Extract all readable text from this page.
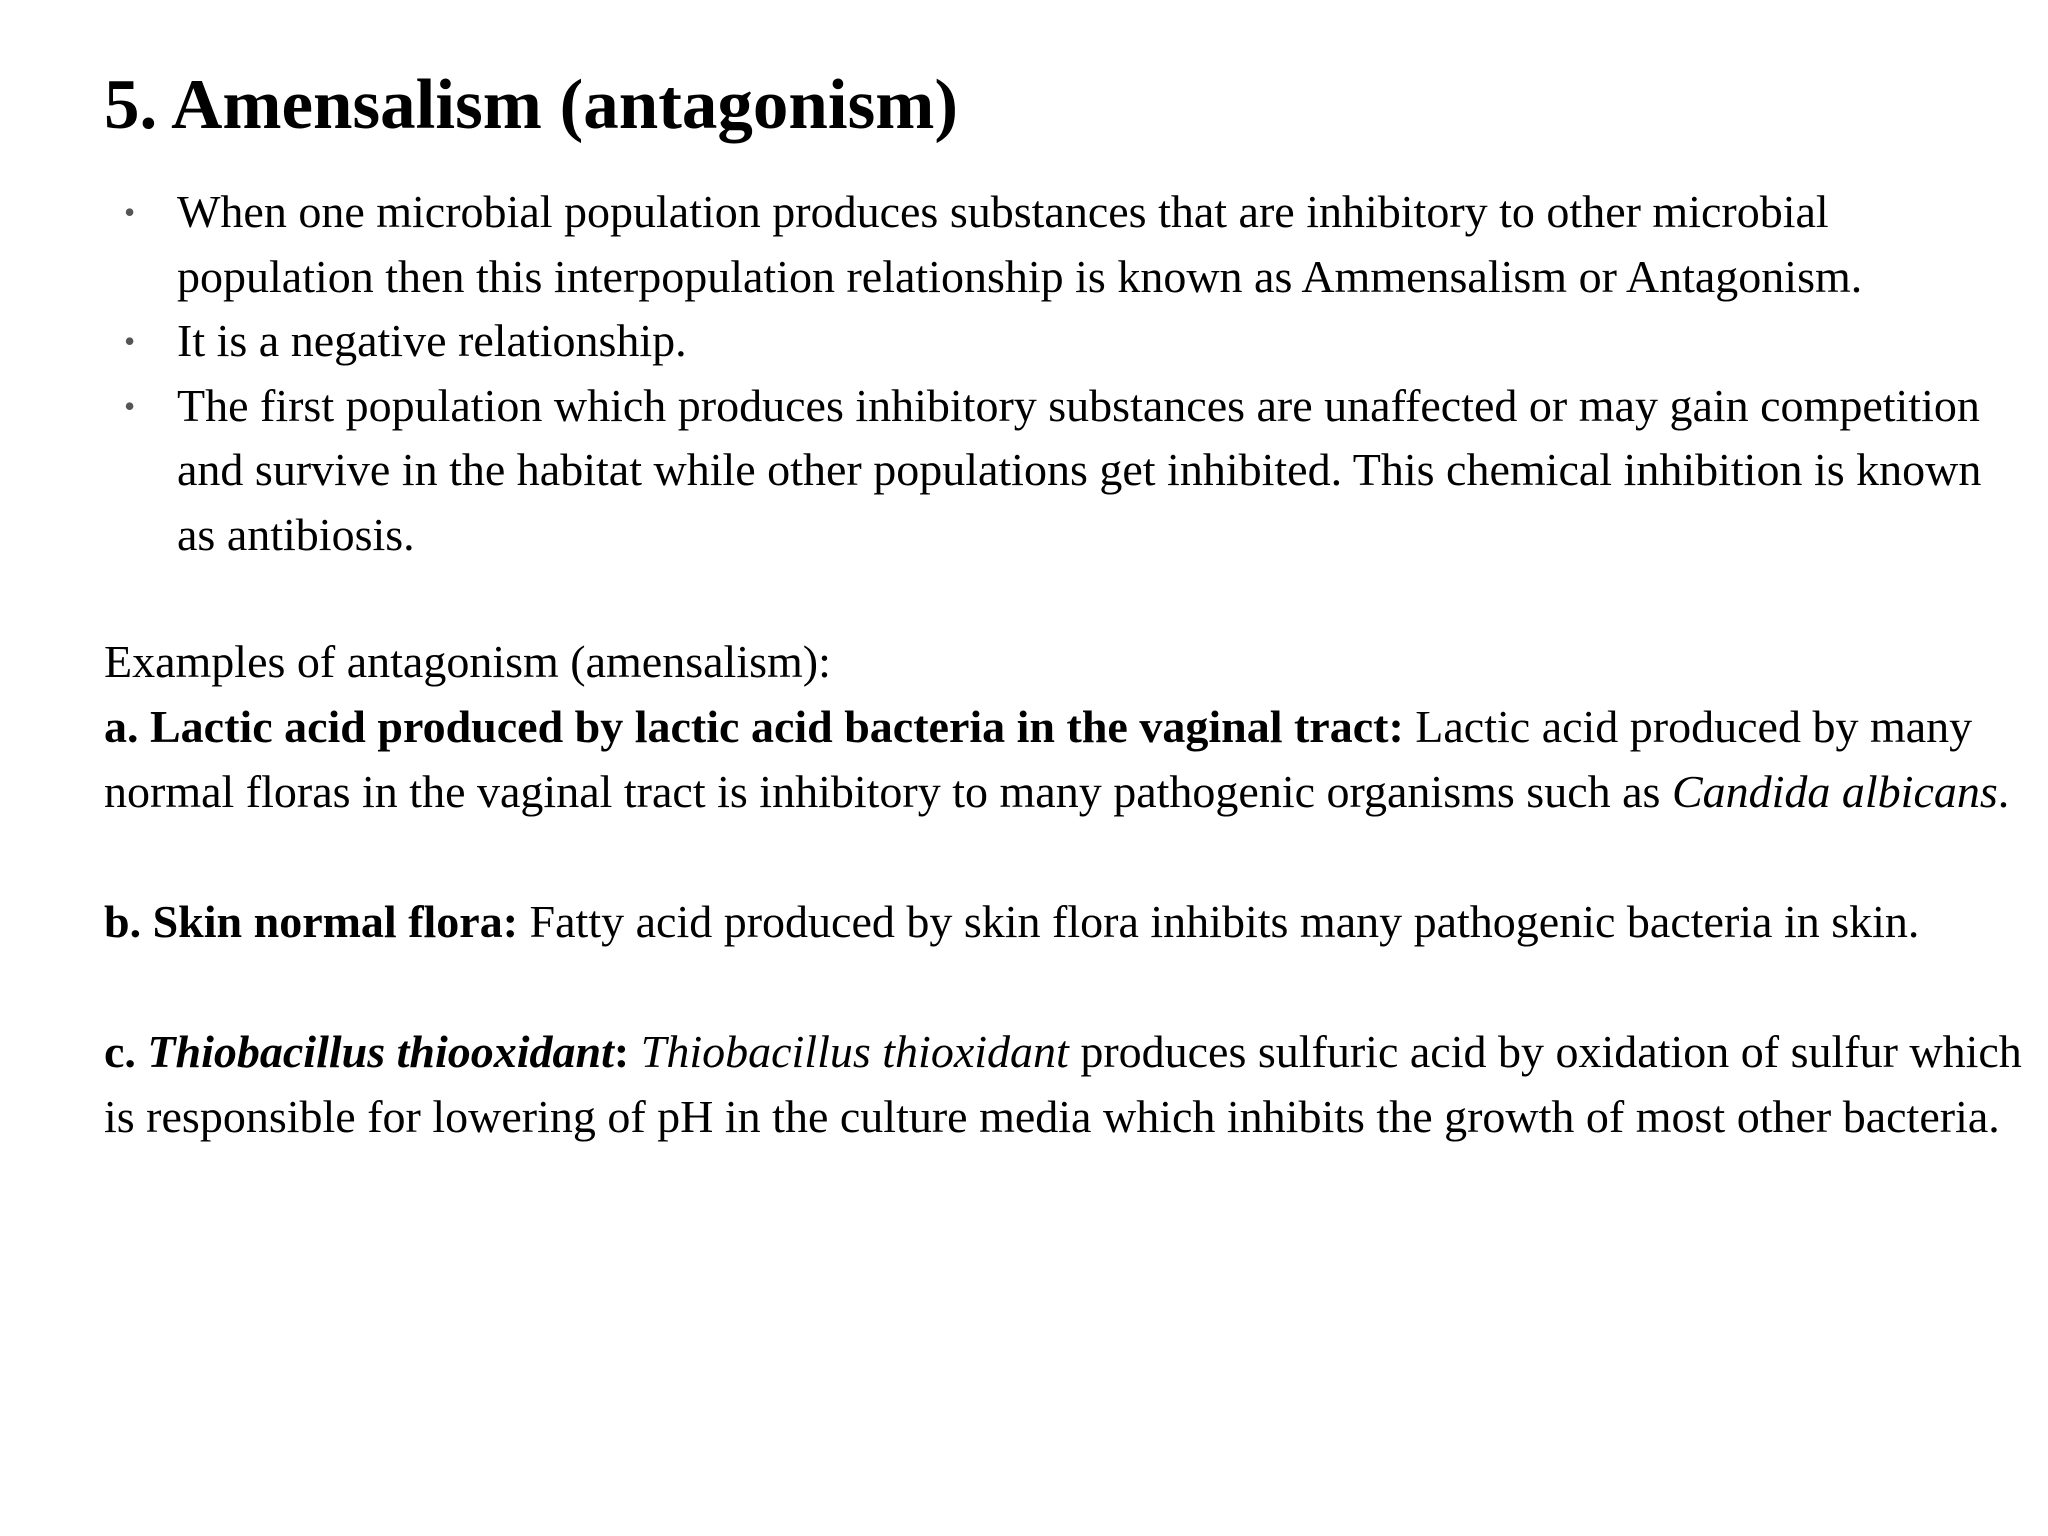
5. Amensalism (antagonism)
• When one microbial population produces substances that are inhibitory to other microbial population then this interpopulation relationship is known as Ammensalism or Antagonism.
• It is a negative relationship.
• The first population which produces inhibitory substances are unaffected or may gain competition and survive in the habitat while other populations get inhibited. This chemical inhibition is known as antibiosis.

Examples of antagonism (amensalism):

a. Lactic acid produced by lactic acid bacteria in the vaginal tract: Lactic acid produced by many normal floras in the vaginal tract is inhibitory to many pathogenic organisms such as Candida albicans.

b. Skin normal flora: Fatty acid produced by skin flora inhibits many pathogenic bacteria in skin.

c. Thiobacillus thiooxidant: Thiobacillus thioxidant produces sulfuric acid by oxidation of sulfur which is responsible for lowering of pH in the culture media which inhibits the growth of most other bacteria.
